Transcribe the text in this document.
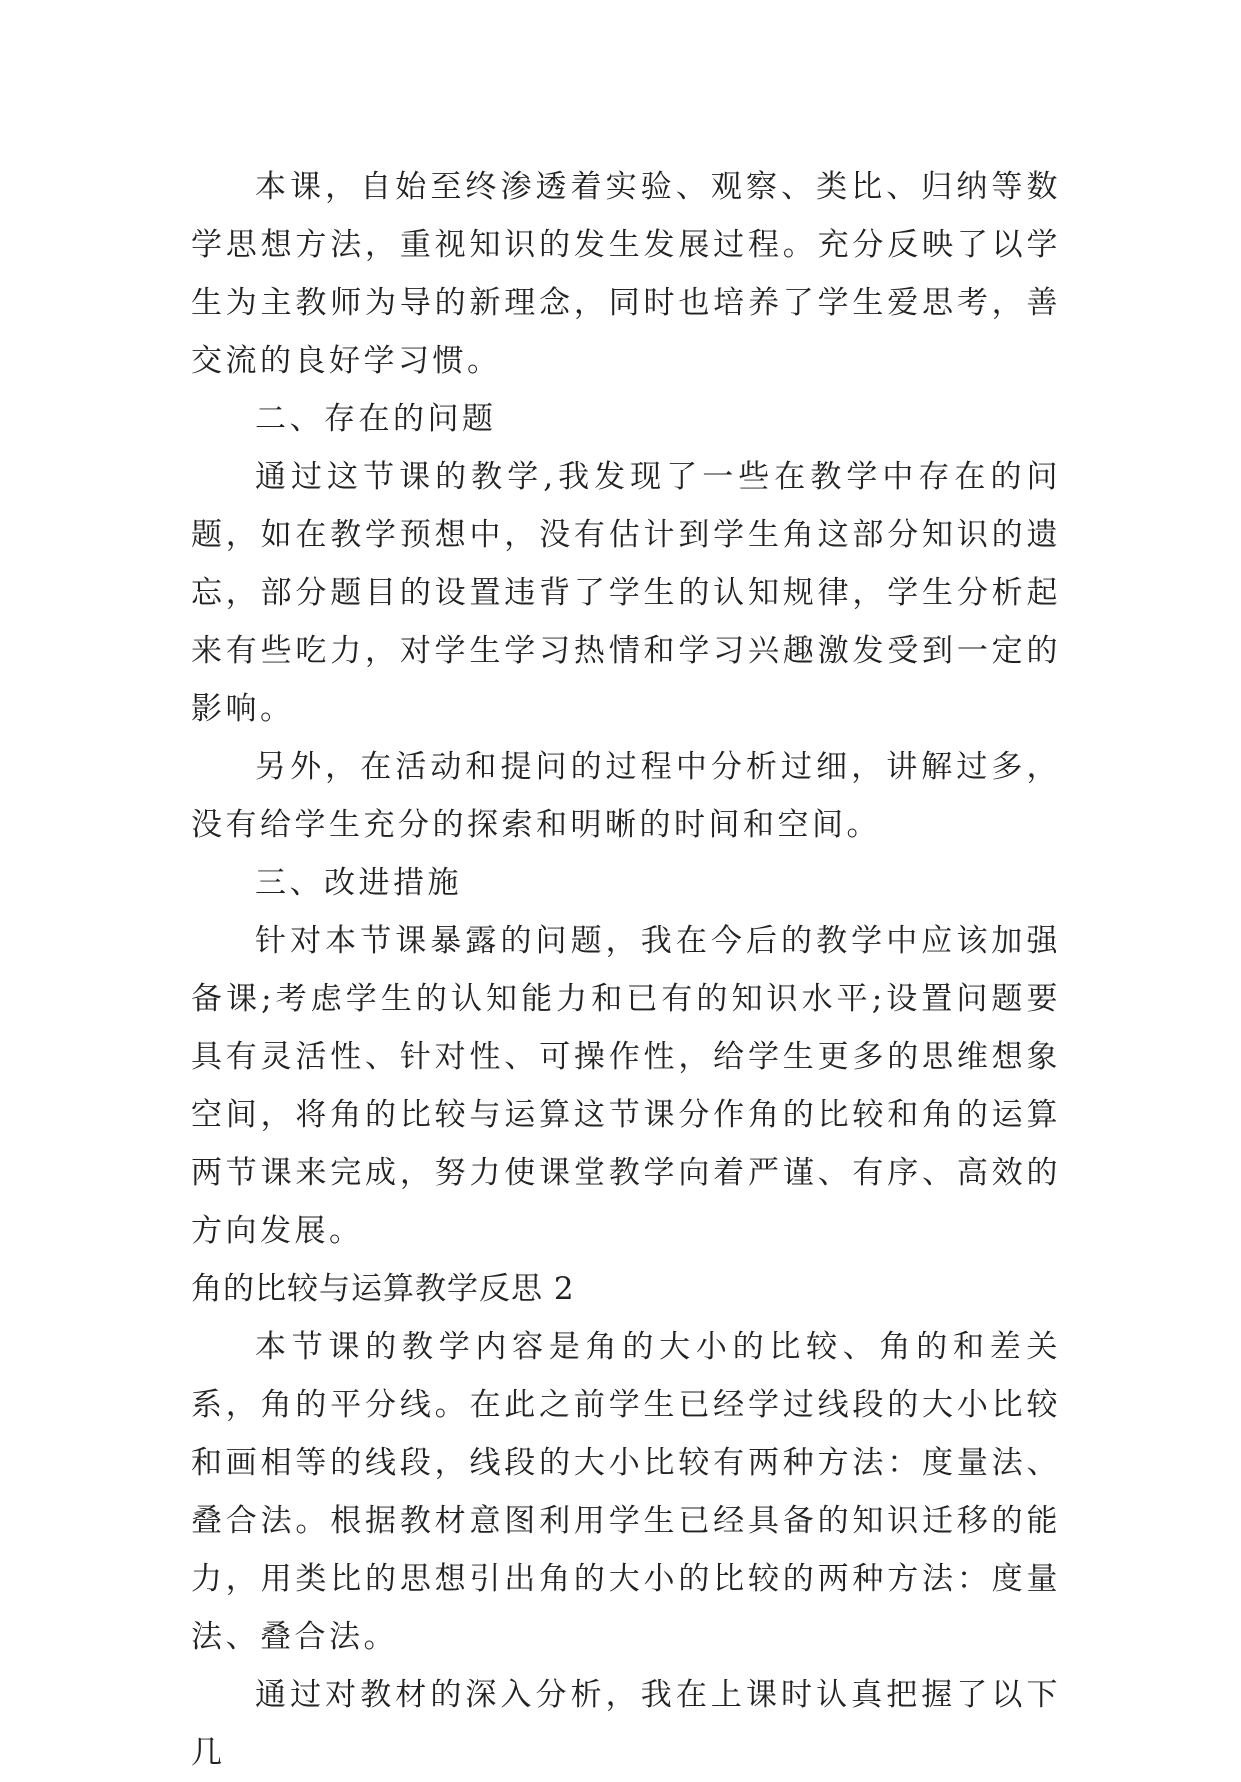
本课，自始至终渗透着实验、观察、类比、归纳等数学思想方法，重视知识的发生发展过程。充分反映了以学生为主教师为导的新理念，同时也培养了学生爱思考，善交流的良好学习惯。

二、存在的问题

通过这节课的教学,我发现了一些在教学中存在的问题，如在教学预想中，没有估计到学生角这部分知识的遗忘，部分题目的设置违背了学生的认知规律，学生分析起来有些吃力，对学生学习热情和学习兴趣激发受到一定的影响。

另外，在活动和提问的过程中分析过细，讲解过多，没有给学生充分的探索和明晰的时间和空间。

三、改进措施

针对本节课暴露的问题，我在今后的教学中应该加强备课;考虑学生的认知能力和已有的知识水平;设置问题要具有灵活性、针对性、可操作性，给学生更多的思维想象空间，将角的比较与运算这节课分作角的比较和角的运算两节课来完成，努力使课堂教学向着严谨、有序、高效的方向发展。

角的比较与运算教学反思 2

本节课的教学内容是角的大小的比较、角的和差关系，角的平分线。在此之前学生已经学过线段的大小比较和画相等的线段，线段的大小比较有两种方法：度量法、叠合法。根据教材意图利用学生已经具备的知识迁移的能力，用类比的思想引出角的大小的比较的两种方法：度量法、叠合法。

通过对教材的深入分析，我在上课时认真把握了以下几
